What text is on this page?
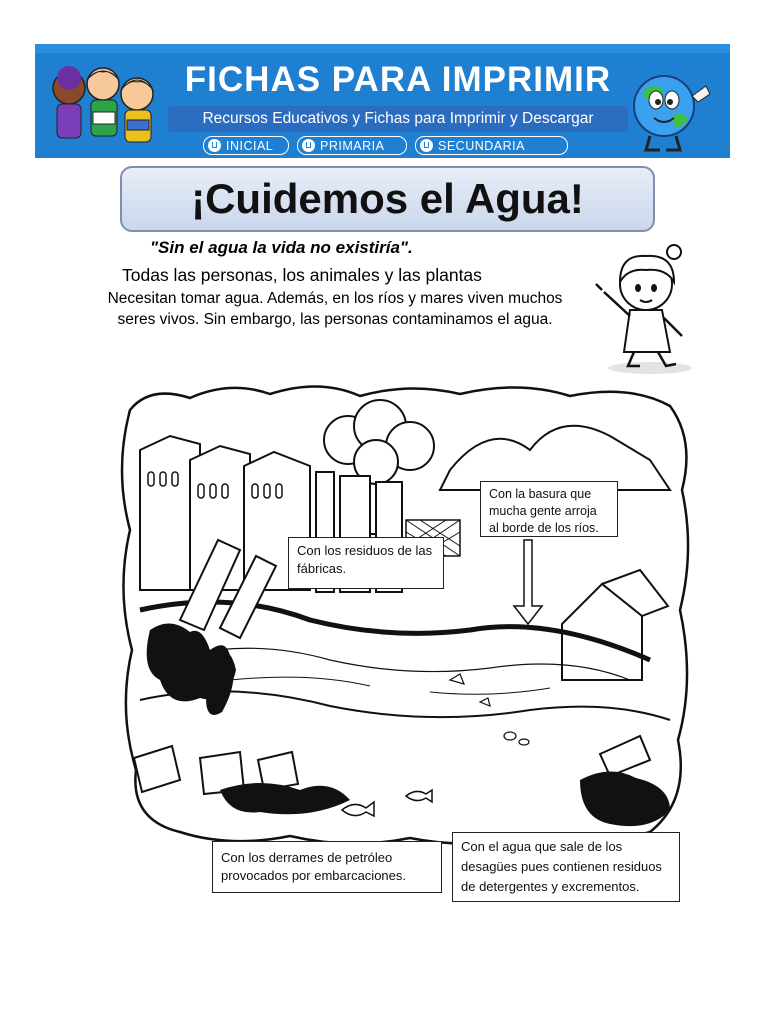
FICHAS PARA IMPRIMIR
Recursos Educativos y Fichas para Imprimir y Descargar
INICIAL	PRIMARIA	SECUNDARIA
¡Cuidemos el Agua!
"Sin el agua la vida no existiría".
Todas las personas, los animales y las plantas
Necesitan tomar agua. Además, en los ríos y mares viven muchos seres vivos. Sin embargo, las personas contaminamos el agua.
Con los residuos de las fábricas.
Con la basura que mucha gente arroja al borde de los ríos.
Con los derrames de petróleo provocados por embarcaciones.
Con el agua que sale de los desagües pues contienen residuos de detergentes y excrementos.
